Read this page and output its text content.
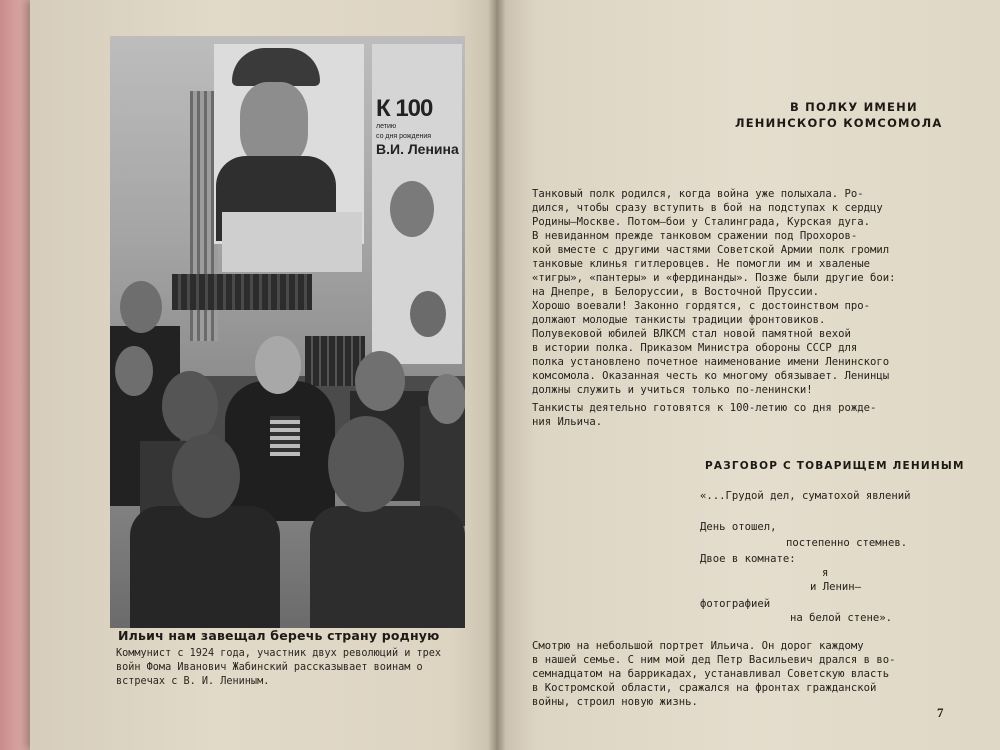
К 100
летию
со дня рождения
В.И. Ленина
Ильич нам завещал беречь страну родную
Коммунист с 1924 года, участник двух революций и трех
войн Фома Иванович Жабинский рассказывает воинам о
встречах с В. И. Лениным.
В ПОЛКУ ИМЕНИ
ЛЕНИНСКОГО КОМСОМОЛА
Танковый полк родился, когда война уже полыхала. Ро-
дился, чтобы сразу вступить в бой на подступах к сердцу
Родины—Москве. Потом—бои у Сталинграда, Курская дуга.
В невиданном прежде танковом сражении под Прохоров-
кой вместе с другими частями Советской Армии полк громил
танковые клинья гитлеровцев. Не помогли им и хваленые
«тигры», «пантеры» и «фердинанды». Позже были другие бои:
на Днепре, в Белоруссии, в Восточной Пруссии.
Хорошо воевали! Законно гордятся, с достоинством про-
должают молодые танкисты традиции фронтовиков.
Полувековой юбилей ВЛКСМ стал новой памятной вехой
в истории полка. Приказом Министра обороны СССР для
полка установлено почетное наименование имени Ленинского
комсомола. Оказанная честь ко многому обязывает. Ленинцы
должны служить и учиться только по-ленински!
Танкисты деятельно готовятся к 100-летию со дня рожде-
ния Ильича.
РАЗГОВОР С ТОВАРИЩЕМ ЛЕНИНЫМ
«...Грудой дел, суматохой явлений
День отошел,
постепенно стемнев.
Двое в комнате:
я
и Ленин—
фотографией
на белой стене».
Смотрю на небольшой портрет Ильича. Он дорог каждому
в нашей семье. С ним мой дед Петр Васильевич дрался в во-
семнадцатом на баррикадах, устанавливал Советскую власть
в Костромской области, сражался на фронтах гражданской
войны, строил новую жизнь.
7
